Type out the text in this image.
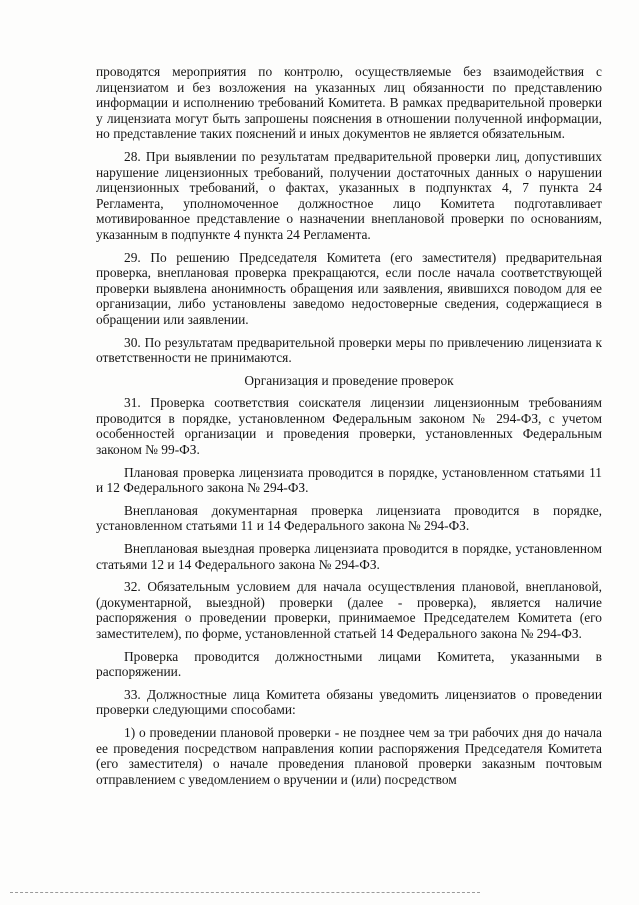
проводятся мероприятия по контролю, осуществляемые без взаимодействия с лицензиатом и без возложения на указанных лиц обязанности по представлению информации и исполнению требований Комитета. В рамках предварительной проверки у лицензиата могут быть запрошены пояснения в отношении полученной информации, но представление таких пояснений и иных документов не является обязательным.

28. При выявлении по результатам предварительной проверки лиц, допустивших нарушение лицензионных требований, получении достаточных данных о нарушении лицензионных требований, о фактах, указанных в подпунктах 4, 7 пункта 24 Регламента, уполномоченное должностное лицо Комитета подготавливает мотивированное представление о назначении внеплановой проверки по основаниям, указанным в подпункте 4 пункта 24 Регламента.

29. По решению Председателя Комитета (его заместителя) предварительная проверка, внеплановая проверка прекращаются, если после начала соответствующей проверки выявлена анонимность обращения или заявления, явившихся поводом для ее организации, либо установлены заведомо недостоверные сведения, содержащиеся в обращении или заявлении.

30. По результатам предварительной проверки меры по привлечению лицензиата к ответственности не принимаются.

Организация и проведение проверок

31. Проверка соответствия соискателя лицензии лицензионным требованиям проводится в порядке, установленном Федеральным законом № 294-ФЗ, с учетом особенностей организации и проведения проверки, установленных Федеральным законом № 99-ФЗ.

Плановая проверка лицензиата проводится в порядке, установленном статьями 11 и 12 Федерального закона № 294-ФЗ.

Внеплановая документарная проверка лицензиата проводится в порядке, установленном статьями 11 и 14 Федерального закона № 294-ФЗ.

Внеплановая выездная проверка лицензиата проводится в порядке, установленном статьями 12 и 14 Федерального закона № 294-ФЗ.

32. Обязательным условием для начала осуществления плановой, внеплановой, (документарной, выездной) проверки (далее - проверка), является наличие распоряжения о проведении проверки, принимаемое Председателем Комитета (его заместителем), по форме, установленной статьей 14 Федерального закона № 294-ФЗ.

Проверка проводится должностными лицами Комитета, указанными в распоряжении.

33. Должностные лица Комитета обязаны уведомить лицензиатов о проведении проверки следующими способами:

1) о проведении плановой проверки - не позднее чем за три рабочих дня до начала ее проведения посредством направления копии распоряжения Председателя Комитета (его заместителя) о начале проведения плановой проверки заказным почтовым отправлением с уведомлением о вручении и (или) посредством
